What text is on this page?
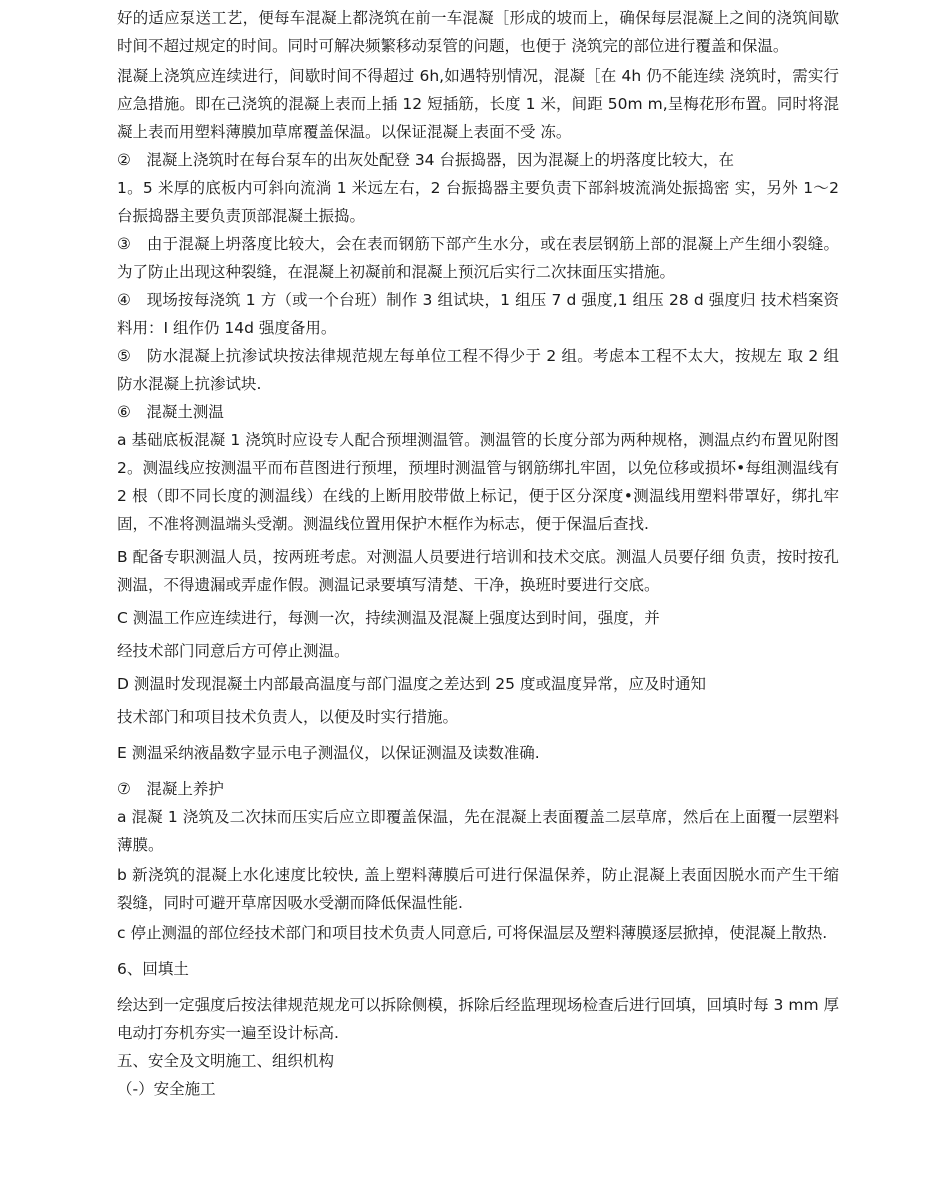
好的适应泵送工艺，便每车混凝上都浇筑在前一车混凝［形成的坡而上，确保每层混凝上之间的浇筑间歇时间不超过规定的时间。同时可解决频繁移动泵管的问题，也便于 浇筑完的部位进行覆盖和保温。

混凝上浇筑应连续进行，间歇时间不得超过 6h,如遇特别情况，混凝［在 4h 仍不能连续 浇筑时，需实行应急措施。即在己浇筑的混凝上表而上插 12 短插筋，长度 1 米，间距 50m m,呈梅花形布置。同时将混凝上表而用塑料薄膜加草席覆盖保温。以保证混凝上表面不受 冻。

②　混凝上浇筑时在每台泵车的出灰处配登 34 台振捣器，因为混凝上的坍落度比较大，在

1。5 米厚的底板内可斜向流淌 1 米远左右，2 台振捣器主要负责下部斜坡流淌处振捣密 实，另外 1〜2 台振捣器主要负责顶部混凝土振捣。

③　由于混凝上坍落度比较大，会在表而钢筋下部产生水分，或在表层钢筋上部的混凝上产生细小裂缝。为了防止出现这种裂缝，在混凝上初凝前和混凝上预沉后实行二次抹面压实措施。

④　现场按每浇筑 1 方（或一个台班）制作 3 组试块，1 组压 7 d 强度,1 组压 28 d 强度归 技术档案资料用：I 组作仍 14d 强度备用。

⑤　防水混凝上抗渗试块按法律规范规左每单位工程不得少于 2 组。考虑本工程不太大，按规左 取 2 组防水混凝上抗渗试块.

⑥　混凝土测温

a 基础底板混凝 1 浇筑时应设专人配合预埋测温管。测温管的长度分部为两种规格，测温点约布置见附图 2。测温线应按测温平而布苣图进行预埋，预埋时测温管与钢筋绑扎牢固，以免位移或损坏•每组测温线有 2 根（即不同长度的测温线）在线的上断用胶带做上标记，便于区分深度•测温线用塑料带罩好，绑扎牢固，不准将测温端头受潮。测温线位置用保护木框作为标志，便于保温后查找.

B 配备专职测温人员，按两班考虑。对测温人员要进行培训和技术交底。测温人员要仔细 负责，按时按孔测温，不得遗漏或弄虚作假。测温记录要填写清楚、干净，换班时要进行交底。

C 测温工作应连续进行，每测一次，持续测温及混凝上强度达到时间，强度，并

经技术部门同意后方可停止测温。

D 测温时发现混凝土内部最高温度与部门温度之差达到 25 度或温度异常，应及时通知

技术部门和项目技术负责人，以便及时实行措施。

E 测温采纳液晶数字显示电子测温仪，以保证测温及读数准确.

⑦　混凝上养护

a 混凝 1 浇筑及二次抹而压实后应立即覆盖保温，先在混凝上表面覆盖二层草席，然后在上面覆一层塑料薄膜。

b 新浇筑的混凝上水化速度比较快, 盖上塑料薄膜后可进行保温保养，防止混凝上表面因脱水而产生干缩裂缝，同时可避开草席因吸水受潮而降低保温性能.

c 停止测温的部位经技术部门和项目技术负责人同意后, 可将保温层及塑料薄膜逐层掀掉，使混凝上散热.

6、回填土

绘达到一定强度后按法律规范规龙可以拆除侧模，拆除后经监理现场检查后进行回填，回填时每 3 mm 厚电动打夯机夯实一遍至设计标高.

五、安全及文明施工、组织机构

（-）安全施工
